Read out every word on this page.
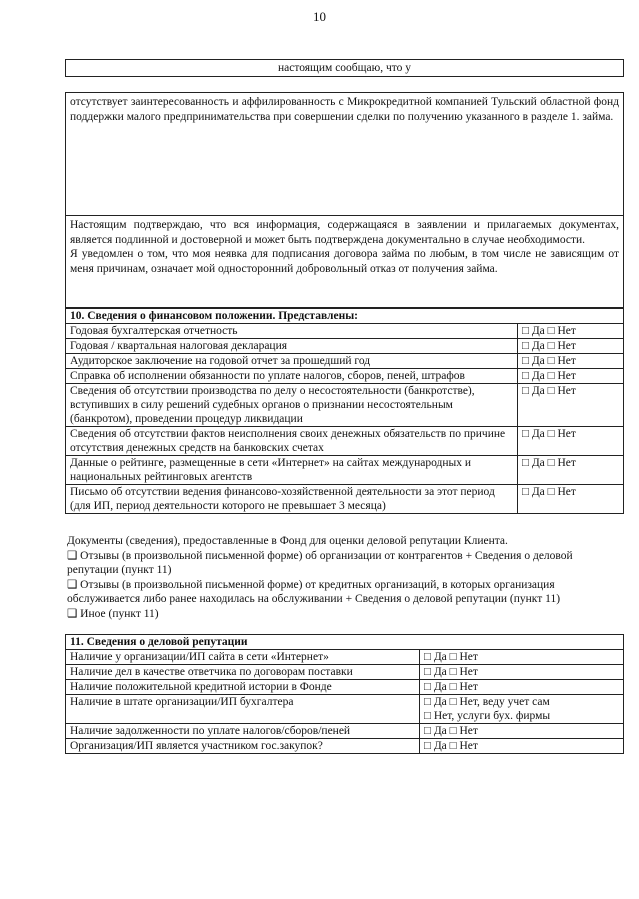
10
настоящим сообщаю, что у
отсутствует заинтересованность и аффилированность с Микрокредитной компанией Тульский областной фонд поддержки малого предпринимательства при совершении сделки по получению указанного в разделе 1. займа.

Настоящим подтверждаю, что вся информация, содержащаяся в заявлении и прилагаемых документах, является подлинной и достоверной и может быть подтверждена документально в случае необходимости.

Я уведомлен о том, что моя неявка для подписания договора займа по любым, в том числе не зависящим от меня причинам, означает мой односторонний добровольный отказ от получения займа.

10. Сведения о финансовом положении. Представлены:	
Годовая бухгалтерская отчетность	□ Да □ Нет
Годовая / квартальная налоговая декларация	□ Да □ Нет
Аудиторское заключение на годовой отчет за прошедший год	□ Да □ Нет
Справка об исполнении обязанности по уплате налогов, сборов, пеней, штрафов	□ Да □ Нет
Сведения об отсутствии производства по делу о несостоятельности (банкротстве), вступивших в силу решений судебных органов о признании несостоятельным (банкротом), проведении процедур ликвидации	□ Да □ Нет
Сведения об отсутствии фактов неисполнения своих денежных обязательств по причине отсутствия денежных средств на банковских счетах	□ Да □ Нет
Данные о рейтинге, размещенные в сети «Интернет» на сайтах международных и национальных рейтинговых агентств	□ Да □ Нет
Письмо об отсутствии ведения финансово-хозяйственной деятельности за этот период (для ИП, период деятельности которого не превышает 3 месяца)	□ Да □ Нет

Документы (сведения), предоставленные в Фонд для оценки деловой репутации Клиента.

❑ Отзывы (в произвольной письменной форме) об организации от контрагентов + Сведения о деловой репутации (пункт 11)

❑ Отзывы (в произвольной письменной форме) от кредитных организаций, в которых организация обслуживается либо ранее находилась на обслуживании + Сведения о деловой репутации (пункт 11)

❑ Иное (пункт 11)

11. Сведения о деловой репутации	
Наличие у организации/ИП сайта в сети «Интернет»	□ Да □ Нет
Наличие дел в качестве ответчика по договорам поставки	□ Да □ Нет
Наличие положительной кредитной истории в Фонде	□ Да □ Нет
Наличие в штате организации/ИП бухгалтера	□ Да □ Нет, веду учет сам
□ Нет, услуги бух. фирмы

Наличие задолженности по уплате налогов/сборов/пеней	□ Да □ Нет
Организация/ИП является участником гос.закупок?	□ Да □ Нет
